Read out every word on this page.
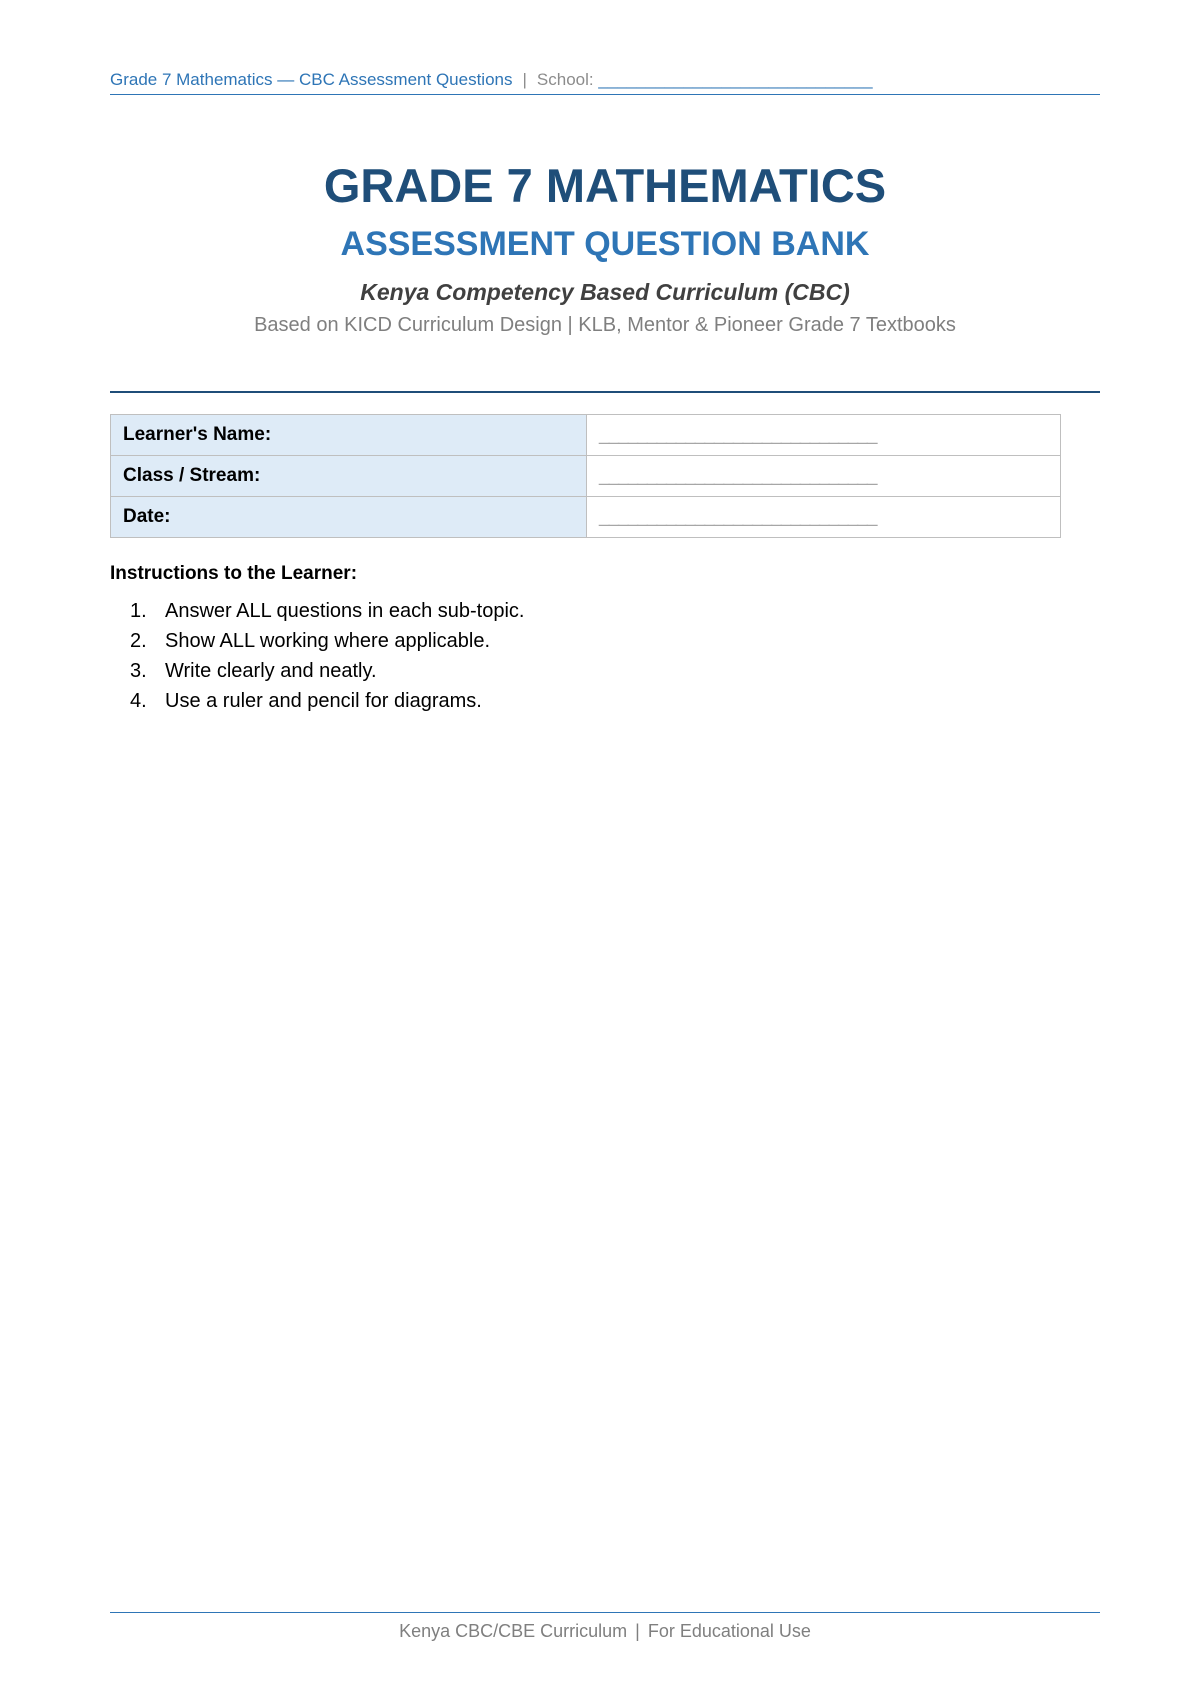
Grade 7 Mathematics — CBC Assessment Questions | School: _____________________________
GRADE 7 MATHEMATICS
ASSESSMENT QUESTION BANK
Kenya Competency Based Curriculum (CBC)
Based on KICD Curriculum Design | KLB, Mentor & Pioneer Grade 7 Textbooks
Learner's Name:	_____________________________
Class / Stream:	_____________________________
Date:	_____________________________
Instructions to the Learner:
1. Answer ALL questions in each sub-topic.
2. Show ALL working where applicable.
3. Write clearly and neatly.
4. Use a ruler and pencil for diagrams.
Kenya CBC/CBE Curriculum | For Educational Use
